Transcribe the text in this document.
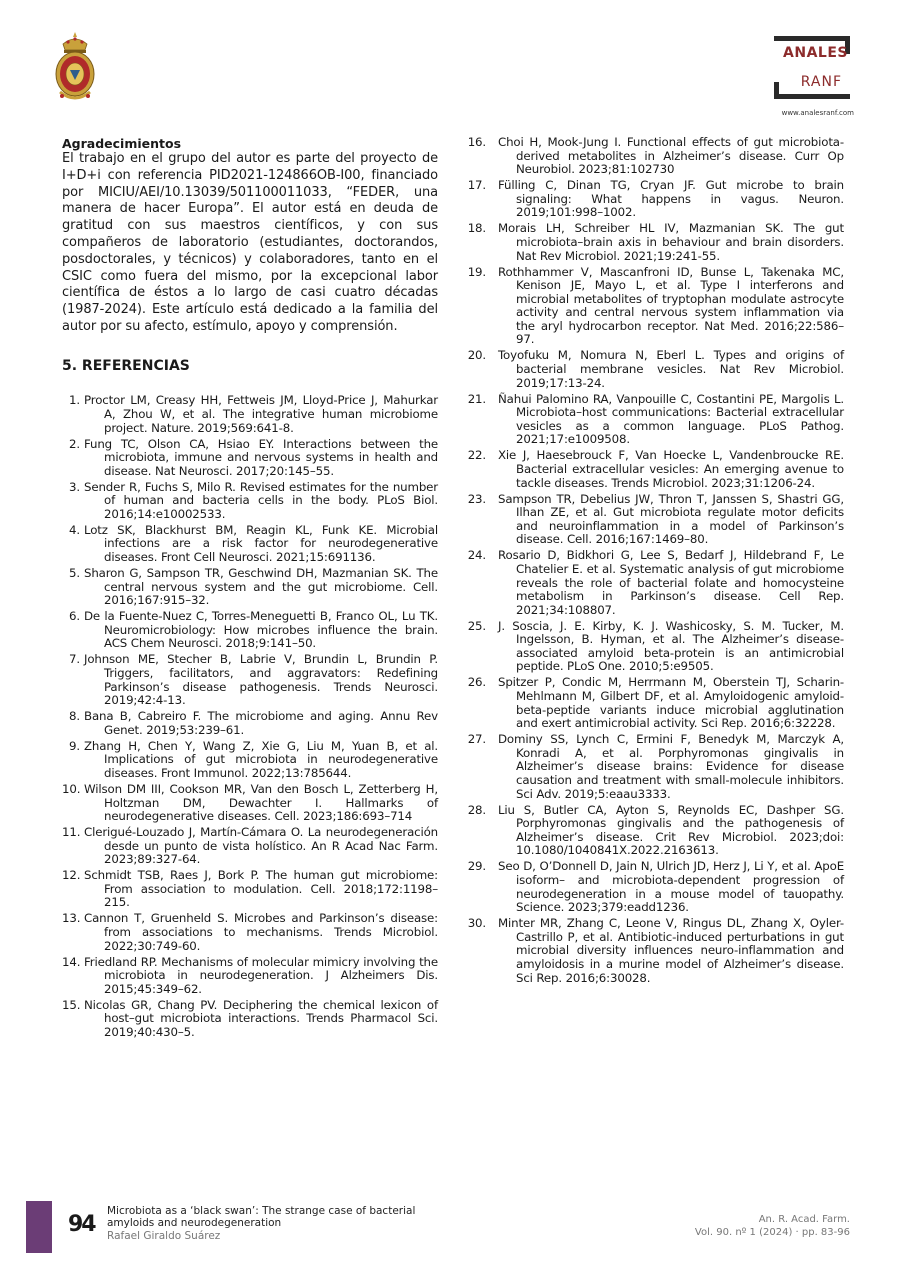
ANALES
RANF
www.analesranf.com
Agradecimientos
El trabajo en el grupo del autor es parte del proyecto de I+D+i con referencia PID2021-124866OB-I00, financiado por MICIU/AEI/10.13039/501100011033, “FEDER, una manera de hacer Europa”. El autor está en deuda de gratitud con sus maestros científicos, y con sus compañeros de laboratorio (estudiantes, doctorandos, posdoctorales, y técnicos) y colaboradores, tanto en el CSIC como fuera del mismo, por la excepcional labor científica de éstos a lo largo de casi cuatro décadas (1987-2024). Este artículo está dedicado a la familia del autor por su afecto, estímulo, apoyo y comprensión.
5. REFERENCIAS
1. Proctor LM, Creasy HH, Fettweis JM, Lloyd-Price J, Mahurkar A, Zhou W, et al. The integrative human microbiome project. Nature. 2019;569:641-8.
2. Fung TC, Olson CA, Hsiao EY. Interactions between the microbiota, immune and nervous systems in health and disease. Nat Neurosci. 2017;20:145–55.
3. Sender R, Fuchs S, Milo R. Revised estimates for the number of human and bacteria cells in the body. PLoS Biol. 2016;14:e10002533.
4. Lotz SK, Blackhurst BM, Reagin KL, Funk KE. Microbial infections are a risk factor for neurodegenerative diseases. Front Cell Neurosci. 2021;15:691136.
5. Sharon G, Sampson TR, Geschwind DH, Mazmanian SK. The central nervous system and the gut microbiome. Cell. 2016;167:915–32.
6. De la Fuente-Nuez C, Torres-Meneguetti B, Franco OL, Lu TK. Neuromicrobiology: How microbes influence the brain. ACS Chem Neurosci. 2018;9:141–50.
7. Johnson ME, Stecher B, Labrie V, Brundin L, Brundin P. Triggers, facilitators, and aggravators: Redefining Parkinson’s disease pathogenesis. Trends Neurosci. 2019;42:4-13.
8. Bana B, Cabreiro F. The microbiome and aging. Annu Rev Genet. 2019;53:239–61.
9. Zhang H, Chen Y, Wang Z, Xie G, Liu M, Yuan B, et al. Implications of gut microbiota in neurodegenerative diseases. Front Immunol. 2022;13:785644.
10. Wilson DM III, Cookson MR, Van den Bosch L, Zetterberg H, Holtzman DM, Dewachter I. Hallmarks of neurodegenerative diseases. Cell. 2023;186:693–714
11. Clerigué-Louzado J, Martín-Cámara O. La neurodegeneración desde un punto de vista holístico. An R Acad Nac Farm. 2023;89:327-64.
12. Schmidt TSB, Raes J, Bork P. The human gut microbiome: From association to modulation. Cell. 2018;172:1198–215.
13. Cannon T, Gruenheld S. Microbes and Parkinson’s disease: from associations to mechanisms. Trends Microbiol. 2022;30:749-60.
14. Friedland RP. Mechanisms of molecular mimicry involving the microbiota in neurodegeneration. J Alzheimers Dis. 2015;45:349–62.
15. Nicolas GR, Chang PV. Deciphering the chemical lexicon of host–gut microbiota interactions. Trends Pharmacol Sci. 2019;40:430–5.
16. Choi H, Mook-Jung I. Functional effects of gut microbiota-derived metabolites in Alzheimer’s disease. Curr Op Neurobiol. 2023;81:102730
17. Fülling C, Dinan TG, Cryan JF. Gut microbe to brain signaling: What happens in vagus. Neuron. 2019;101:998–1002.
18. Morais LH, Schreiber HL IV, Mazmanian SK. The gut microbiota–brain axis in behaviour and brain disorders. Nat Rev Microbiol. 2021;19:241-55.
19. Rothhammer V, Mascanfroni ID, Bunse L, Takenaka MC, Kenison JE, Mayo L, et al. Type I interferons and microbial metabolites of tryptophan modulate astrocyte activity and central nervous system inflammation via the aryl hydrocarbon receptor. Nat Med. 2016;22:586–97.
20. Toyofuku M, Nomura N, Eberl L. Types and origins of bacterial membrane vesicles. Nat Rev Microbiol. 2019;17:13-24.
21. Ñahui Palomino RA, Vanpouille C, Costantini PE, Margolis L. Microbiota–host communications: Bacterial extracellular vesicles as a common language. PLoS Pathog. 2021;17:e1009508.
22. Xie J, Haesebrouck F, Van Hoecke L, Vandenbroucke RE. Bacterial extracellular vesicles: An emerging avenue to tackle diseases. Trends Microbiol. 2023;31:1206-24.
23. Sampson TR, Debelius JW, Thron T, Janssen S, Shastri GG, Ilhan ZE, et al. Gut microbiota regulate motor deficits and neuroinflammation in a model of Parkinson’s disease. Cell. 2016;167:1469–80.
24. Rosario D, Bidkhori G, Lee S, Bedarf J, Hildebrand F, Le Chatelier E. et al. Systematic analysis of gut microbiome reveals the role of bacterial folate and homocysteine metabolism in Parkinson’s disease. Cell Rep. 2021;34:108807.
25. J. Soscia, J. E. Kirby, K. J. Washicosky, S. M. Tucker, M. Ingelsson, B. Hyman, et al. The Alzheimer’s disease-associated amyloid beta-protein is an antimicrobial peptide. PLoS One. 2010;5:e9505.
26. Spitzer P, Condic M, Herrmann M, Oberstein TJ, Scharin-Mehlmann M, Gilbert DF, et al. Amyloidogenic amyloid-beta-peptide variants induce microbial agglutination and exert antimicrobial activity. Sci Rep. 2016;6:32228.
27. Dominy SS, Lynch C, Ermini F, Benedyk M, Marczyk A, Konradi A, et al. Porphyromonas gingivalis in Alzheimer’s disease brains: Evidence for disease causation and treatment with small-molecule inhibitors. Sci Adv. 2019;5:eaau3333.
28. Liu S, Butler CA, Ayton S, Reynolds EC, Dashper SG. Porphyromonas gingivalis and the pathogenesis of Alzheimer’s disease. Crit Rev Microbiol. 2023;doi: 10.1080/1040841X.2022.2163613.
29. Seo D, O’Donnell D, Jain N, Ulrich JD, Herz J, Li Y, et al. ApoE isoform– and microbiota-dependent progression of neurodegeneration in a mouse model of tauopathy. Science. 2023;379:eadd1236.
30. Minter MR, Zhang C, Leone V, Ringus DL, Zhang X, Oyler-Castrillo P, et al. Antibiotic-induced perturbations in gut microbial diversity influences neuro-inflammation and amyloidosis in a murine model of Alzheimer’s disease. Sci Rep. 2016;6:30028.
94
Microbiota as a ‘black swan’: The strange case of bacterial
amyloids and neurodegeneration
Rafael Giraldo Suárez
An. R. Acad. Farm.
Vol. 90. nº 1 (2024) · pp. 83-96
